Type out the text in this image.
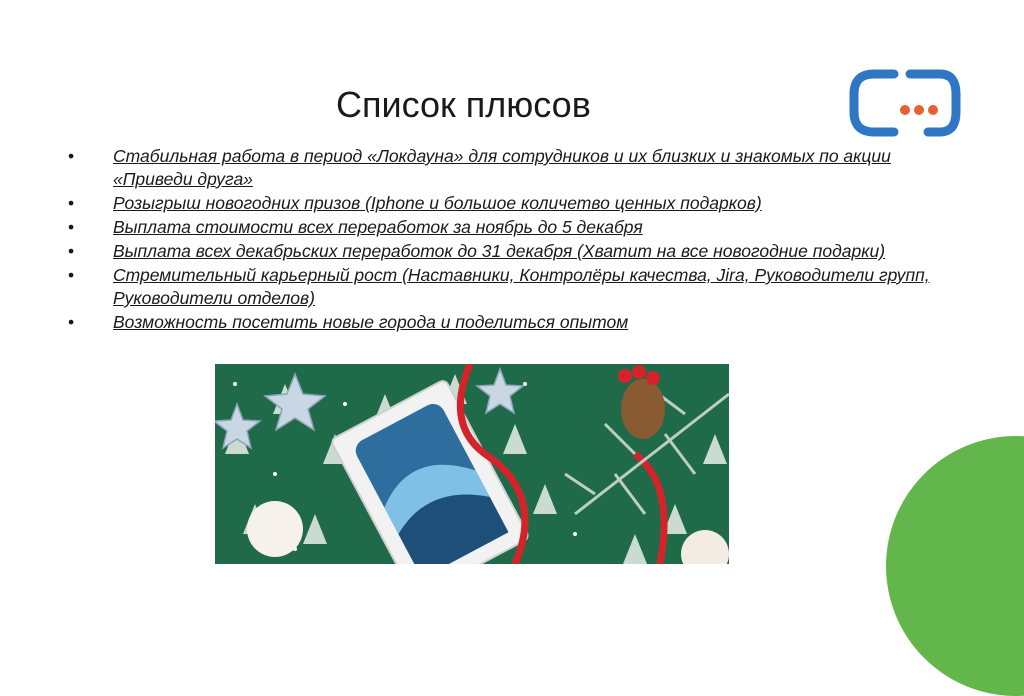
Список плюсов
• Стабильная работа в период «Локдауна» для сотрудников и их близких и знакомых по акции «Приведи друга»
• Розыгрыш новогодних призов (Iphone и большое количетво ценных подарков)
• Выплата стоимости всех переработок за ноябрь до 5 декабря
• Выплата всех декабрьских переработок до 31 декабря (Хватит на все новогодние подарки)
• Стремительный карьерный рост (Наставники, Контролёры качества, Jira, Руководители групп, Руководители отделов)
• Возможность посетить новые города и поделиться опытом
